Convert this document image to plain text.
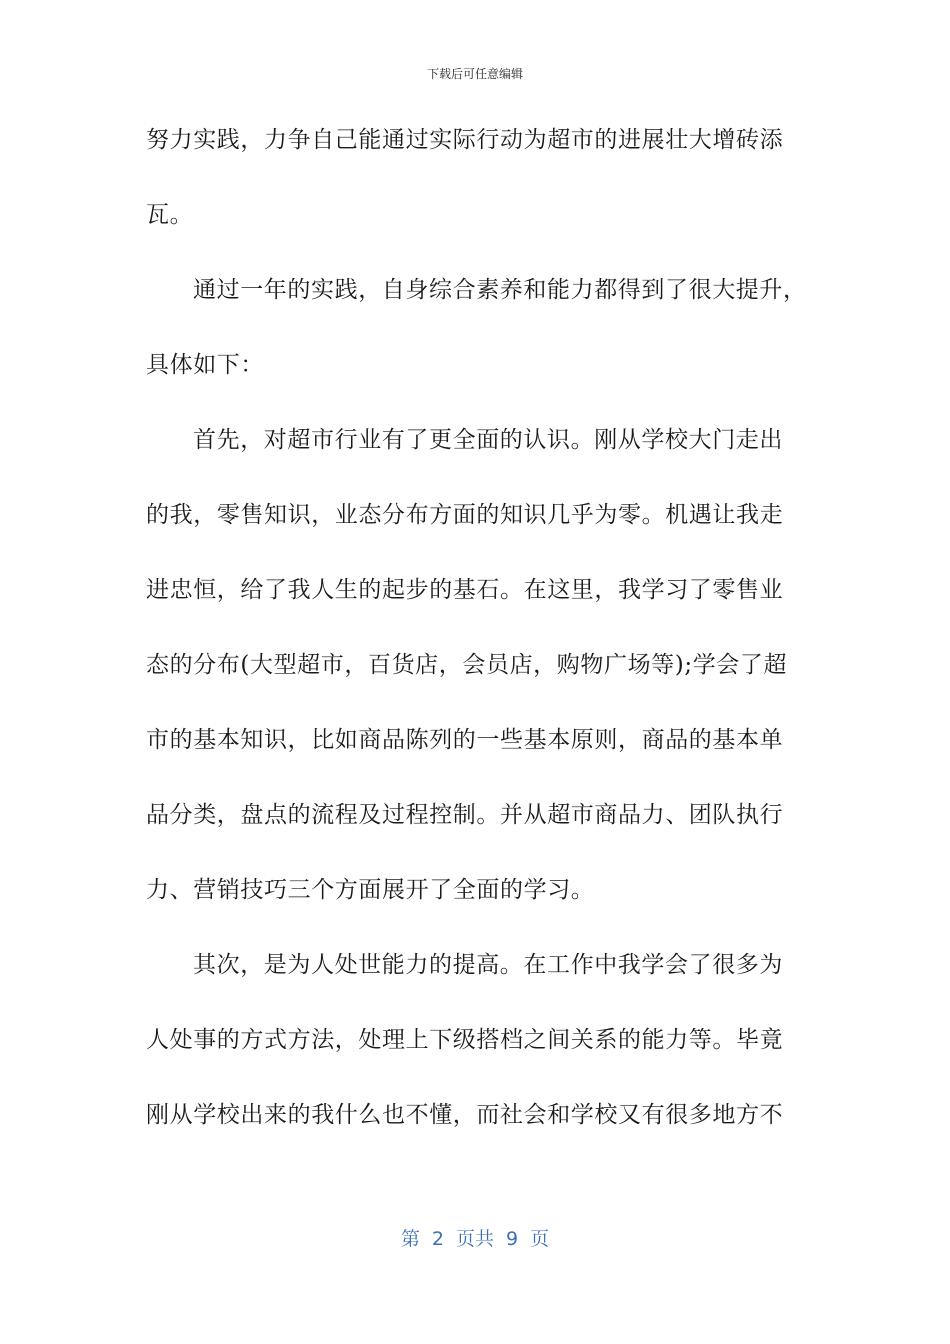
下载后可任意编辑
努力实践，力争自己能通过实际行动为超市的进展壮大增砖添
瓦。
通过一年的实践，自身综合素养和能力都得到了很大提升，
具体如下：
首先，对超市行业有了更全面的认识。刚从学校大门走出
的我，零售知识，业态分布方面的知识几乎为零。机遇让我走
进忠恒，给了我人生的起步的基石。在这里，我学习了零售业
态的分布(大型超市，百货店，会员店，购物广场等);学会了超
市的基本知识，比如商品陈列的一些基本原则，商品的基本单
品分类，盘点的流程及过程控制。并从超市商品力、团队执行
力、营销技巧三个方面展开了全面的学习。
其次，是为人处世能力的提高。在工作中我学会了很多为
人处事的方式方法，处理上下级搭档之间关系的能力等。毕竟
刚从学校出来的我什么也不懂，而社会和学校又有很多地方不
第 2 页共 9 页
